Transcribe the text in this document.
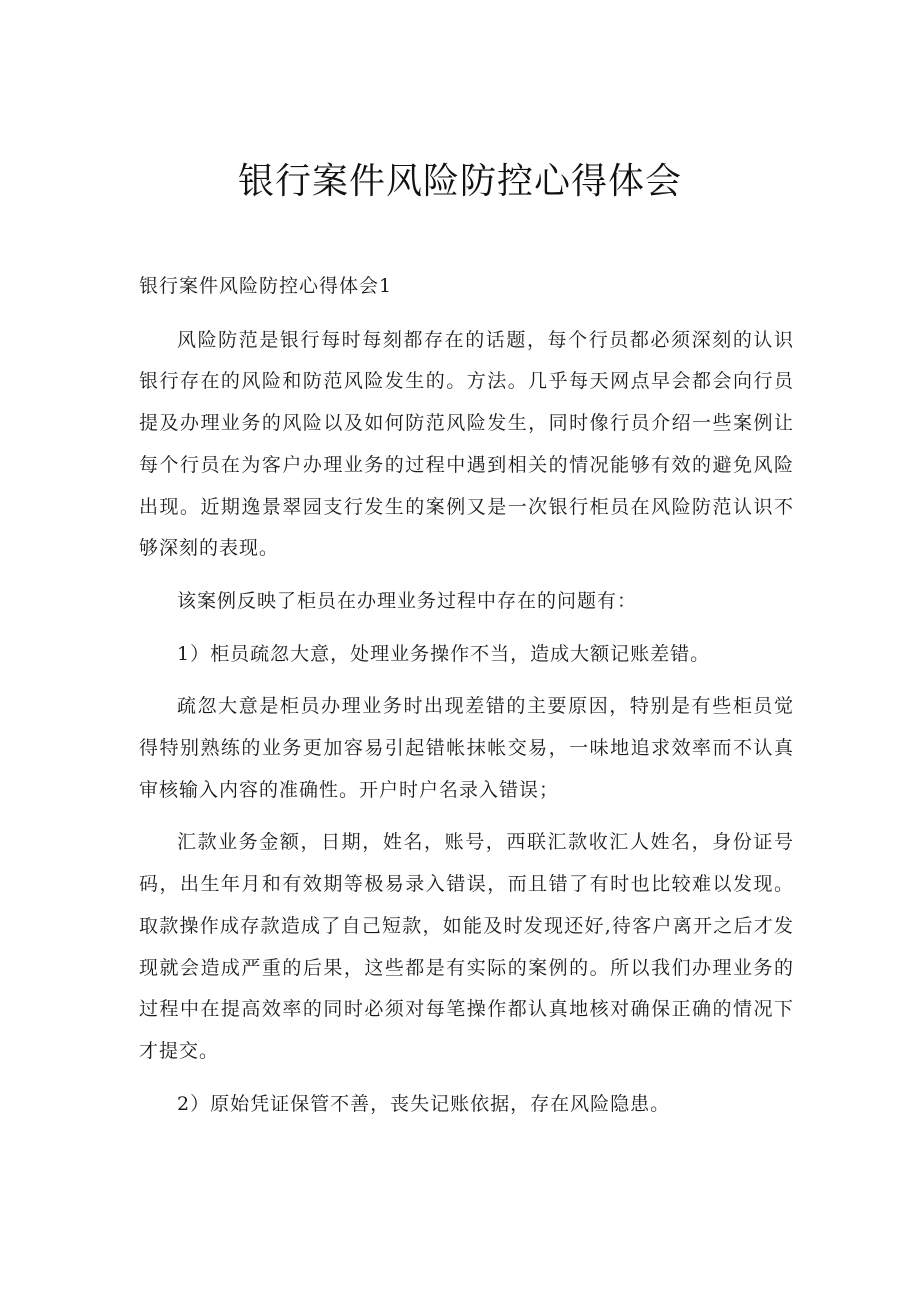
银行案件风险防控心得体会

银行案件风险防控心得体会1

风险防范是银行每时每刻都存在的话题，每个行员都必须深刻的认识银行存在的风险和防范风险发生的。方法。几乎每天网点早会都会向行员提及办理业务的风险以及如何防范风险发生，同时像行员介绍一些案例让每个行员在为客户办理业务的过程中遇到相关的情况能够有效的避免风险出现。近期逸景翠园支行发生的案例又是一次银行柜员在风险防范认识不够深刻的表现。

该案例反映了柜员在办理业务过程中存在的问题有：

1）柜员疏忽大意，处理业务操作不当，造成大额记账差错。

疏忽大意是柜员办理业务时出现差错的主要原因，特别是有些柜员觉得特别熟练的业务更加容易引起错帐抹帐交易，一味地追求效率而不认真审核输入内容的准确性。开户时户名录入错误；

汇款业务金额，日期，姓名，账号，西联汇款收汇人姓名，身份证号码，出生年月和有效期等极易录入错误，而且错了有时也比较难以发现。取款操作成存款造成了自己短款，如能及时发现还好,待客户离开之后才发现就会造成严重的后果，这些都是有实际的案例的。所以我们办理业务的过程中在提高效率的同时必须对每笔操作都认真地核对确保正确的情况下才提交。

2）原始凭证保管不善，丧失记账依据，存在风险隐患。
